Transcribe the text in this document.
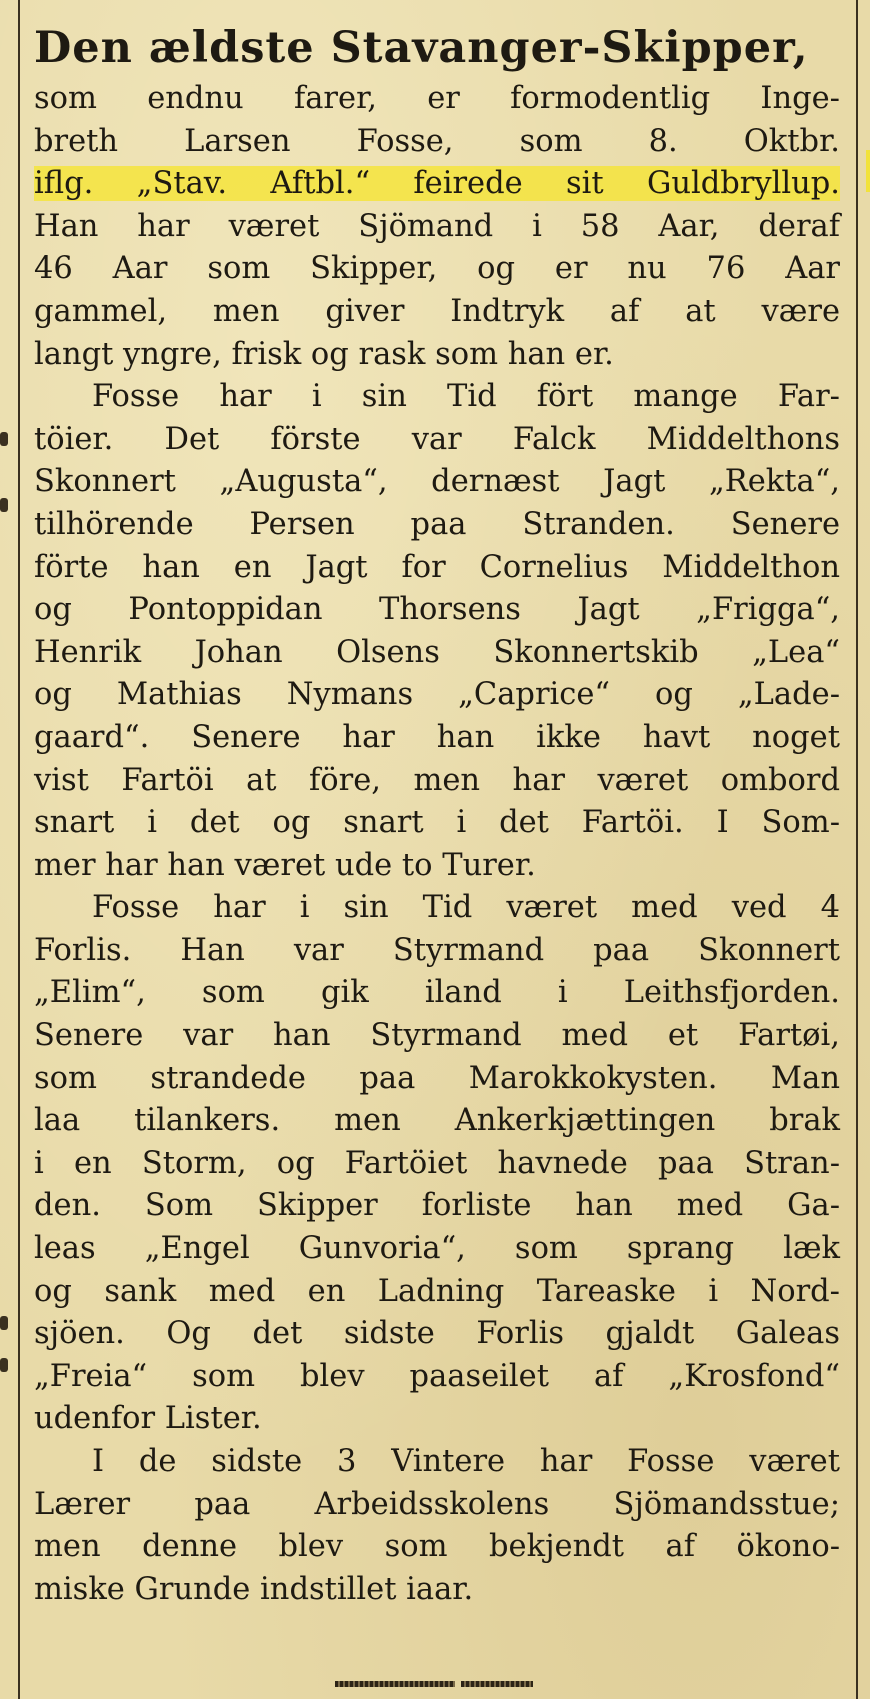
Den ældste Stavanger-Skipper,
som endnu farer, er formodentlig Inge-
breth Larsen Fosse, som 8. Oktbr.
iflg. „Stav. Aftbl.“ feirede sit Guldbryllup.
Han har været Sjömand i 58 Aar, deraf
46 Aar som Skipper, og er nu 76 Aar
gammel, men giver Indtryk af at være
langt yngre, frisk og rask som han er.
Fosse har i sin Tid fört mange Far-
töier. Det förste var Falck Middelthons
Skonnert „Augusta“, dernæst Jagt „Rekta“,
tilhörende Persen paa Stranden. Senere
förte han en Jagt for Cornelius Middelthon
og Pontoppidan Thorsens Jagt „Frigga“,
Henrik Johan Olsens Skonnertskib „Lea“
og Mathias Nymans „Caprice“ og „Lade-
gaard“. Senere har han ikke havt noget
vist Fartöi at före, men har været ombord
snart i det og snart i det Fartöi. I Som-
mer har han været ude to Turer.
Fosse har i sin Tid været med ved 4
Forlis. Han var Styrmand paa Skonnert
„Elim“, som gik iland i Leithsfjorden.
Senere var han Styrmand med et Fartøi,
som strandede paa Marokkokysten. Man
laa tilankers. men Ankerkjættingen brak
i en Storm, og Fartöiet havnede paa Stran-
den. Som Skipper forliste han med Ga-
leas „Engel Gunvoria“, som sprang læk
og sank med en Ladning Tareaske i Nord-
sjöen. Og det sidste Forlis gjaldt Galeas
„Freia“ som blev paaseilet af „Krosfond“
udenfor Lister.
I de sidste 3 Vintere har Fosse været
Lærer paa Arbeidsskolens Sjömandsstue;
men denne blev som bekjendt af ökono-
miske Grunde indstillet iaar.
